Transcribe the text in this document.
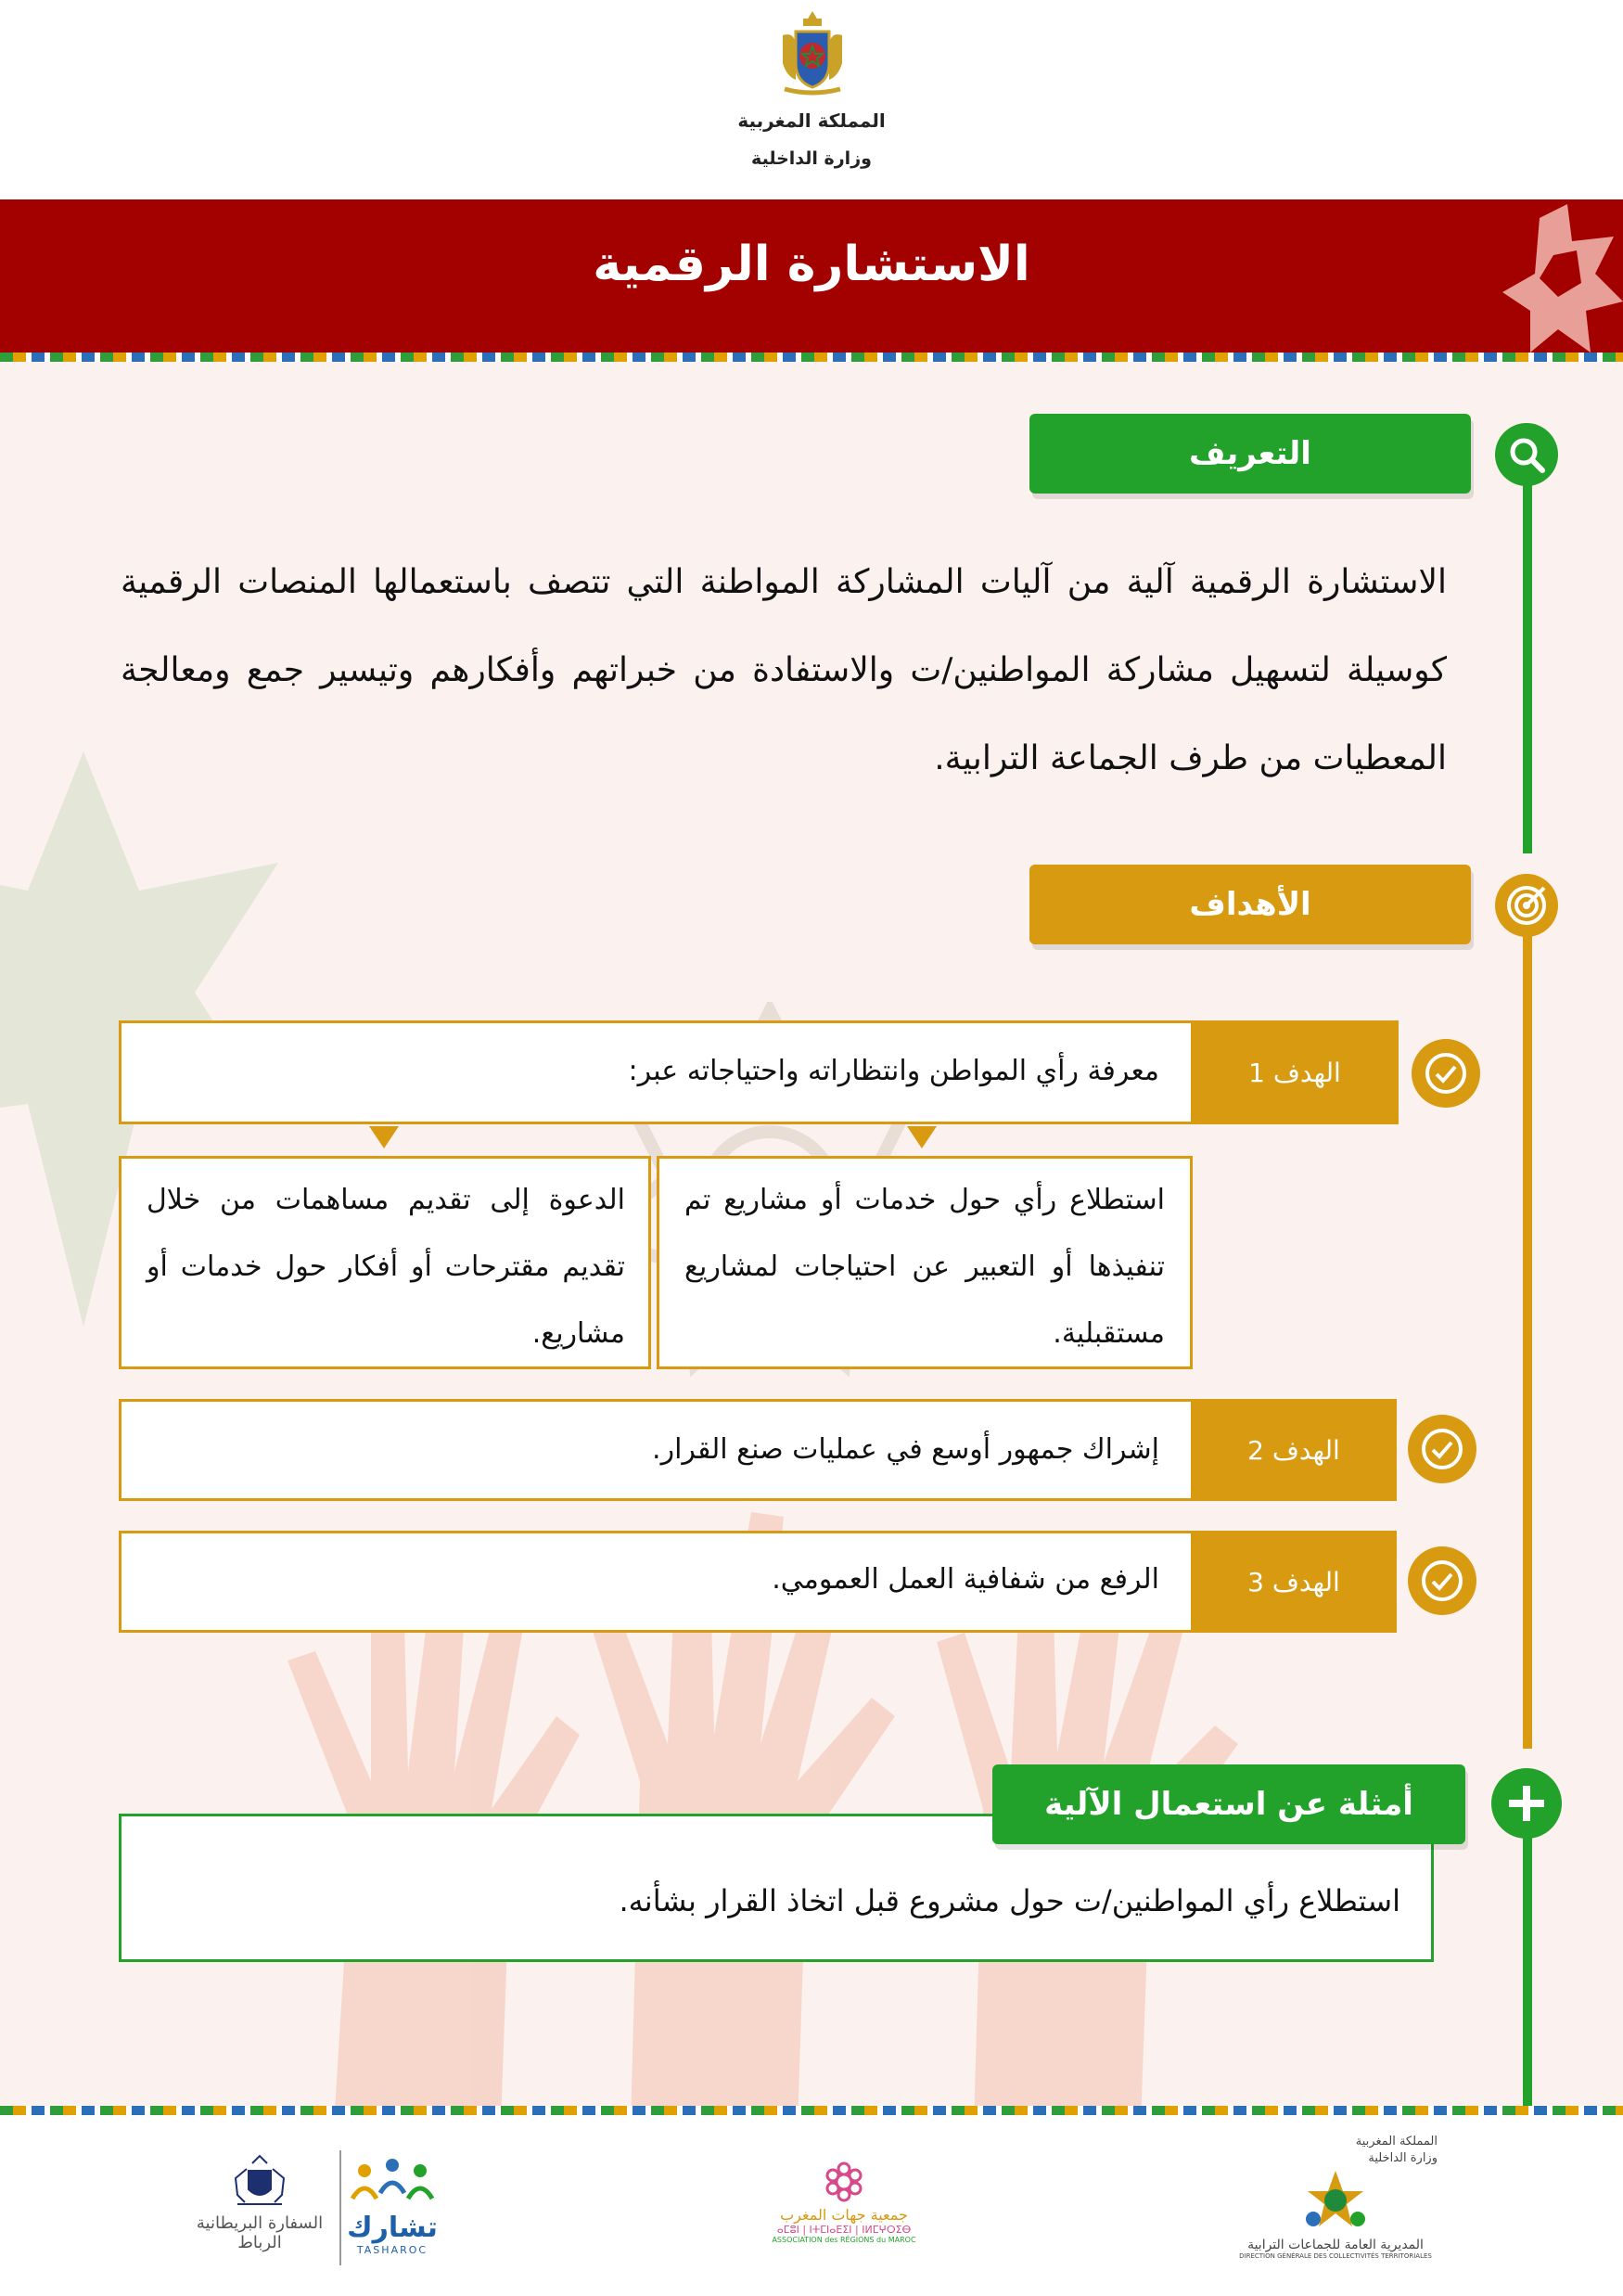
المملكة المغربية
وزارة الداخلية
الاستشارة الرقمية
التعريف
الاستشارة الرقمية آلية من آليات المشاركة المواطنة التي تتصف باستعمالها المنصات الرقمية كوسيلة لتسهيل مشاركة المواطنين/ت والاستفادة من خبراتهم وأفكارهم وتيسير جمع ومعالجة المعطيات من طرف الجماعة الترابية.
الأهداف
الهدف 1
معرفة رأي المواطن وانتظاراته واحتياجاته عبر:
استطلاع رأي حول خدمات أو مشاريع تم تنفيذها أو التعبير عن احتياجات لمشاريع مستقبلية.
الدعوة إلى تقديم مساهمات من خلال تقديم مقترحات أو أفكار حول خدمات أو مشاريع.
الهدف 2
إشراك جمهور أوسع في عمليات صنع القرار.
الهدف 3
الرفع من شفافية العمل العمومي.
أمثلة عن استعمال الآلية
استطلاع رأي المواطنين/ت حول مشروع قبل اتخاذ القرار بشأنه.
المملكة المغربية
وزارة الداخلية
المديرية العامة للجماعات الترابية
DIRECTION GÉNÉRALE DES COLLECTIVITÉS TERRITORIALES
جمعية جهات المغرب
ⴰⵎⵓⵏ | ⵏⵜⵎⵏⴰⴹⵉⵏ | ⵏⵍⵎⵖⵔⵉⴱ
ASSOCIATION des RÉGIONS du MAROC
تشارك
TASHAROC
السفارة البريطانية
الرباط
